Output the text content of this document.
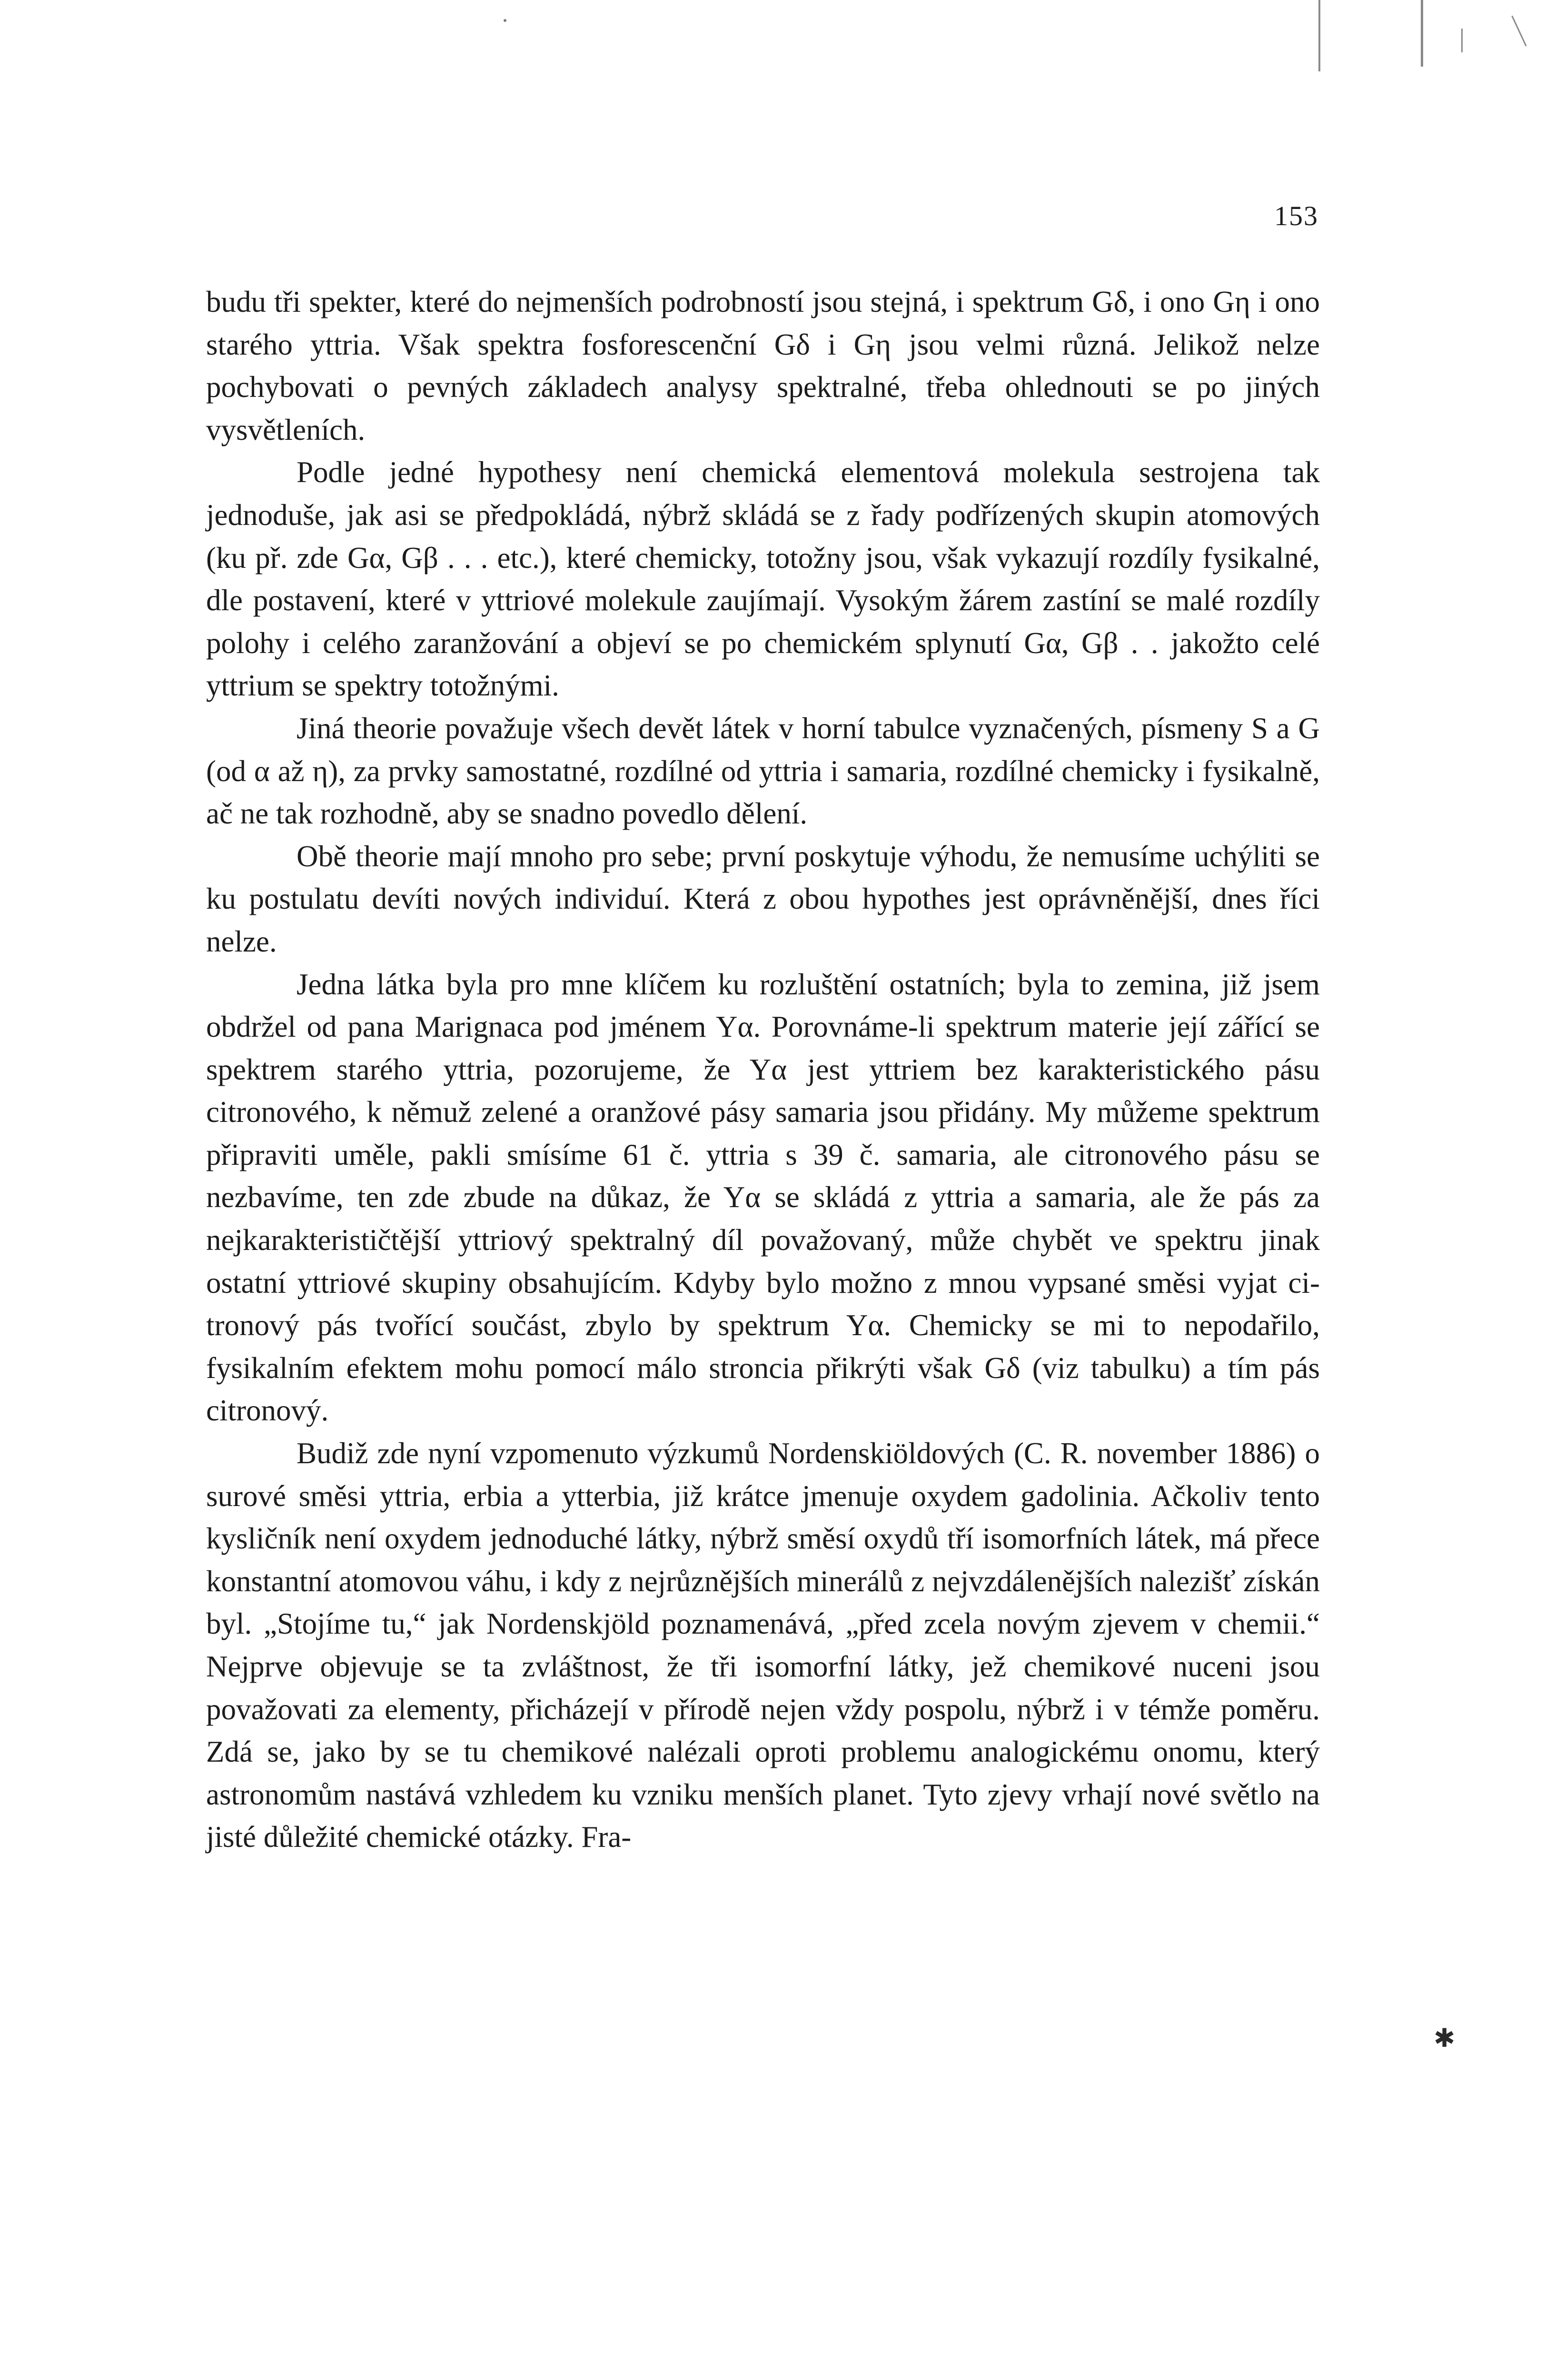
153

budu tři spekter, které do nejmenších podrobností jsou stejná, i spektrum Gδ, i ono Gη i ono starého yttria. Však spektra fosforescenční Gδ i Gη jsou velmi různá. Jelikož nelze pochybovati o pevných základech analysy spektralné, třeba ohlednouti se po jiných vysvětleních.

Podle jedné hypothesy není chemická elementová molekula sestrojena tak jednoduše, jak asi se předpokládá, nýbrž skládá se z řady podřízených skupin atomových (ku př. zde Gα, Gβ . . . etc.), které chemicky, totožny jsou, však vykazují rozdíly fysikalné, dle postavení, které v yttriové molekule zaujímají. Vysokým žárem zastíní se malé rozdíly polohy i celého zaranžování a objeví se po chemickém splynutí Gα, Gβ . . jakožto celé yttrium se spektry totožnými.

Jiná theorie považuje všech devět látek v horní tabulce vyznačených, písmeny S a G (od α až η), za prvky samostatné, rozdílné od yttria i samaria, rozdílné chemicky i fysikalně, ač ne tak rozhodně, aby se snadno povedlo dělení.

Obě theorie mají mnoho pro sebe; první poskytuje výhodu, že nemusíme uchýliti se ku postulatu devíti nových individuí. Která z obou hypothes jest oprávněnější, dnes říci nelze.

Jedna látka byla pro mne klíčem ku rozluštění ostatních; byla to zemina, již jsem obdržel od pana Marignaca pod jménem Yα. Porovnáme-li spektrum materie její zářící se spektrem starého yttria, pozorujeme, že Yα jest yttriem bez karakteristického pásu citronového, k němuž zelené a oranžové pásy samaria jsou přidány. My můžeme spektrum připraviti uměle, pakli smísíme 61 č. yttria s 39 č. samaria, ale citronového pásu se nezbavíme, ten zde zbude na důkaz, že Yα se skládá z yttria a samaria, ale že pás za nejkarakterističtější yttriový spektralný díl považovaný, může chybět ve spektru jinak ostatní yttriové skupiny obsahujícím. Kdyby bylo možno z mnou vypsané směsi vyjat citronový pás tvořící součást, zbylo by spektrum Yα. Chemicky se mi to nepodařilo, fysikalním efektem mohu pomocí málo stroncia přikrýti však Gδ (viz tabulku) a tím pás citronový.

Budiž zde nyní vzpomenuto výzkumů Nordenskiöldových (C. R. november 1886) o surové směsi yttria, erbia a ytterbia, již krátce jmenuje oxydem gadolinia. Ačkoliv tento kysličník není oxydem jednoduché látky, nýbrž směsí oxydů tří isomorfních látek, má přece konstantní atomovou váhu, i kdy z nejrůznějších minerálů z nejvzdálenějších nalezišť získán byl. „Stojíme tu,“ jak Nordenskjöld poznamenává, „před zcela novým zjevem v chemii.“ Nejprve objevuje se ta zvláštnost, že tři isomorfní látky, jež chemikové nuceni jsou považovati za elementy, přicházejí v přírodě nejen vždy pospolu, nýbrž i v témže poměru. Zdá se, jako by se tu chemikové nalézali oproti problemu analogickému onomu, který astronomům nastává vzhledem ku vzniku menších planet. Tyto zjevy vrhají nové světlo na jisté důležité chemické otázky. Fra-

✱
